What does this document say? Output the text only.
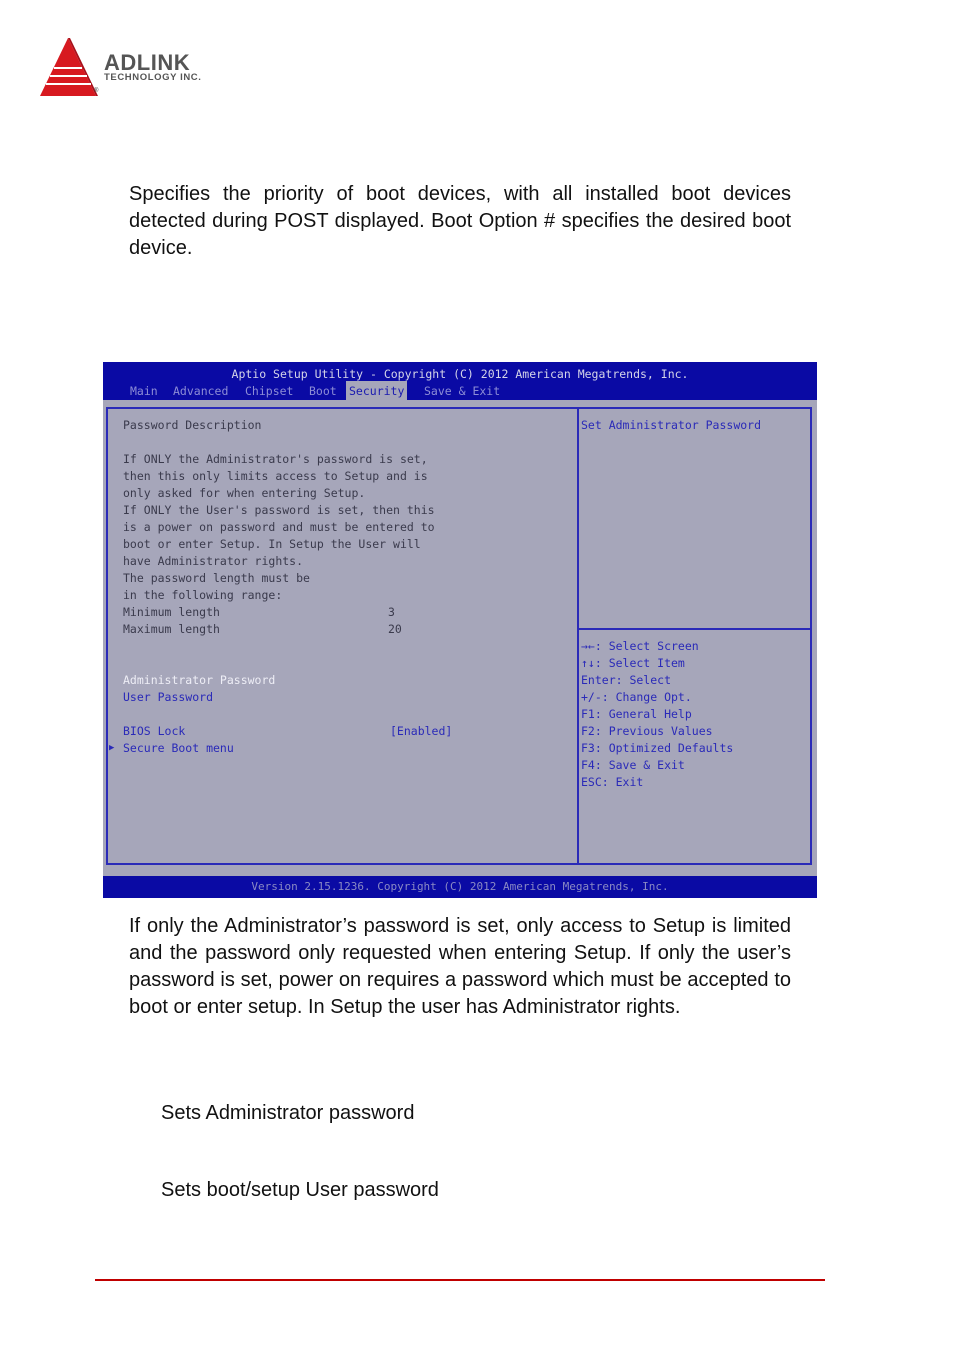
ADLINK
TECHNOLOGY INC.
®

Specifies the priority of boot devices, with all installed boot devices detected during POST displayed. Boot Option # specifies the desired boot device.

Aptio Setup Utility - Copyright (C) 2012 American Megatrends, Inc.
Main Advanced Chipset Boot Security Save & Exit
Password Description
If ONLY the Administrator's password is set,
then this only limits access to Setup and is
only asked for when entering Setup.
If ONLY the User's password is set, then this
is a power on password and must be entered to
boot or enter Setup. In Setup the User will
have Administrator rights.
The password length must be
in the following range:
Minimum length	3
Maximum length	20
Administrator Password
User Password
BIOS Lock	[Enabled]
▶ Secure Boot menu
Set Administrator Password
→←: Select Screen
↑↓: Select Item
Enter: Select
+/-: Change Opt.
F1: General Help
F2: Previous Values
F3: Optimized Defaults
F4: Save & Exit
ESC: Exit
Version 2.15.1236. Copyright (C) 2012 American Megatrends, Inc.

If only the Administrator’s password is set, only access to Setup is limited and the password only requested when entering Setup. If only the user’s password is set, power on requires a password which must be accepted to boot or enter setup. In Setup the user has Administrator rights.

Sets Administrator password
Sets boot/setup User password
